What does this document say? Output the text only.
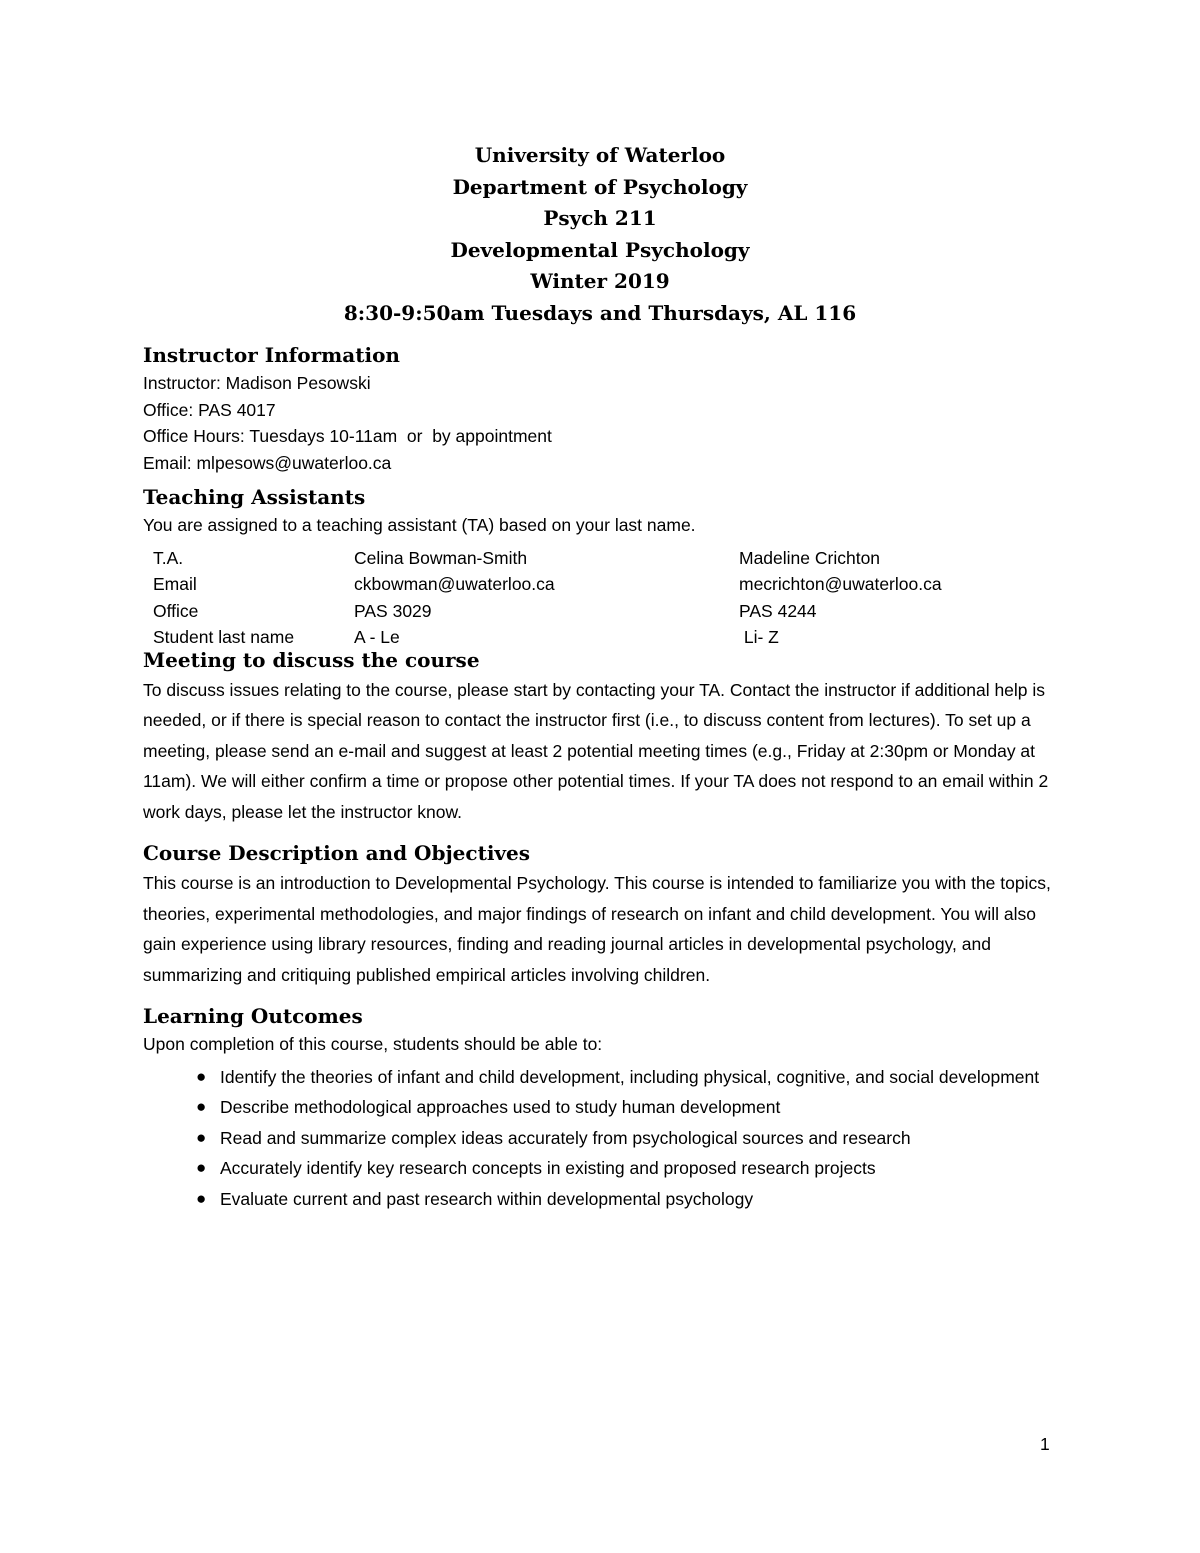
University of Waterloo
Department of Psychology
Psych 211
Developmental Psychology
Winter 2019
8:30-9:50am Tuesdays and Thursdays, AL 116
Instructor Information
Instructor: Madison Pesowski
Office: PAS 4017
Office Hours: Tuesdays 10-11am  or  by appointment
Email: mlpesows@uwaterloo.ca
Teaching Assistants
You are assigned to a teaching assistant (TA) based on your last name.
T.A.	Celina Bowman-Smith	Madeline Crichton
Email	ckbowman@uwaterloo.ca	mecrichton@uwaterloo.ca
Office	PAS 3029	PAS 4244
Student last name	A - Le	Li- Z
Meeting to discuss the course

To discuss issues relating to the course, please start by contacting your TA. Contact the instructor if additional help is needed, or if there is special reason to contact the instructor first (i.e., to discuss content from lectures). To set up a meeting, please send an e-mail and suggest at least 2 potential meeting times (e.g., Friday at 2:30pm or Monday at 11am). We will either confirm a time or propose other potential times. If your TA does not respond to an email within 2 work days, please let the instructor know.

Course Description and Objectives

This course is an introduction to Developmental Psychology. This course is intended to familiarize you with the topics, theories, experimental methodologies, and major findings of research on infant and child development. You will also gain experience using library resources, finding and reading journal articles in developmental psychology, and summarizing and critiquing published empirical articles involving children.

Learning Outcomes
Upon completion of this course, students should be able to:
● Identify the theories of infant and child development, including physical, cognitive, and social development
● Describe methodological approaches used to study human development
● Read and summarize complex ideas accurately from psychological sources and research
● Accurately identify key research concepts in existing and proposed research projects
● Evaluate current and past research within developmental psychology
1
